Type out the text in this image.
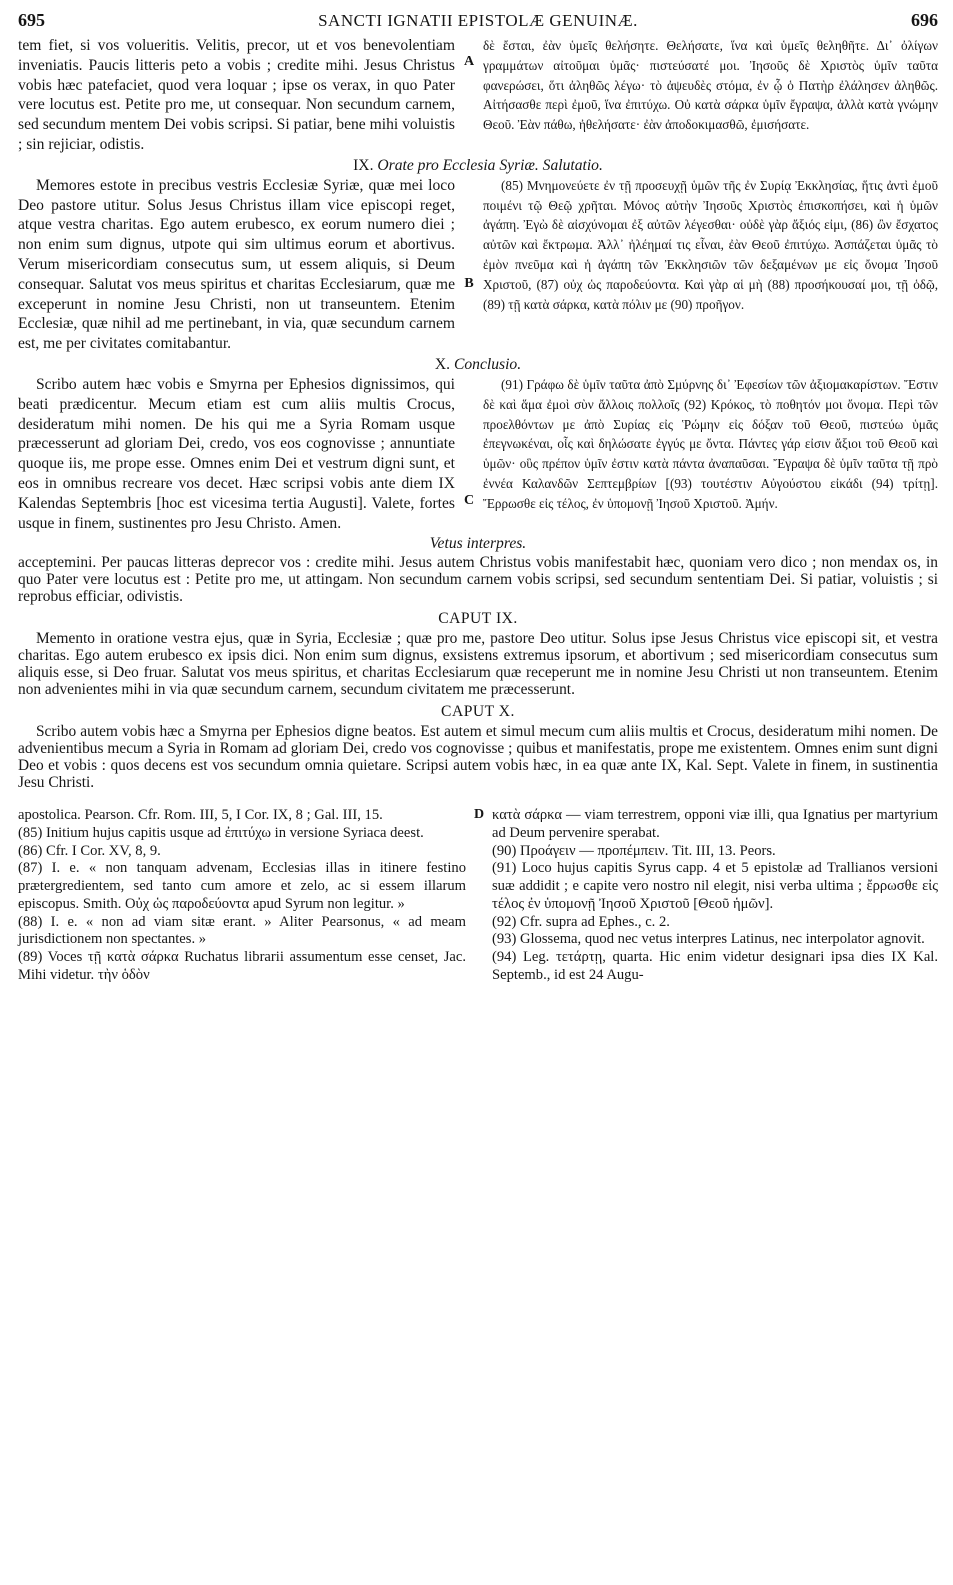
695	SANCTI IGNATII EPISTOLÆ GENUINÆ.	696

tem fiet, si vos volueritis. Velitis, precor, ut et vos benevolentiam inveniatis. Paucis litteris peto a vobis ; credite mihi. Jesus Christus vobis hæc patefaciet, quod vera loquar ; ipse os verax, in quo Pater vere locutus est. Petite pro me, ut consequar. Non secundum carnem, sed secundum mentem Dei vobis scripsi. Si patiar, bene mihi voluistis ; sin rejiciar, odistis.

A

δὲ ἔσται, ἐὰν ὑμεῖς θελήσητε. Θελήσατε, ἵνα καὶ ὑμεῖς θεληθῆτε. Δι᾽ ὀλίγων γραμμάτων αἰτοῦμαι ὑμᾶς· πιστεύσατέ μοι. Ἰησοῦς δὲ Χριστὸς ὑμῖν ταῦτα φανερώσει, ὅτι ἀληθῶς λέγω· τὸ ἀψευδὲς στόμα, ἐν ᾧ ὁ Πατὴρ ἐλάλησεν ἀληθῶς. Αἰτήσασθε περὶ ἐμοῦ, ἵνα ἐπιτύχω. Οὐ κατὰ σάρκα ὑμῖν ἔγραψα, ἀλλὰ κατὰ γνώμην Θεοῦ. Ἐὰν πάθω, ἠθελήσατε· ἐὰν ἀποδοκιμασθῶ, ἐμισήσατε.

IX. Orate pro Ecclesia Syriæ. Salutatio.

Memores estote in precibus vestris Ecclesiæ Syriæ, quæ mei loco Deo pastore utitur. Solus Jesus Christus illam vice episcopi reget, atque vestra charitas. Ego autem erubesco, ex eorum numero diei ; non enim sum dignus, utpote qui sim ultimus eorum et abortivus. Verum misericordiam consecutus sum, ut essem aliquis, si Deum consequar. Salutat vos meus spiritus et charitas Ecclesiarum, quæ me exceperunt in nomine Jesu Christi, non ut transeuntem. Etenim Ecclesiæ, quæ nihil ad me pertinebant, in via, quæ secundum carnem est, me per civitates comitabantur.

B

(85) Μνημονεύετε ἐν τῇ προσευχῇ ὑμῶν τῆς ἐν Συρίᾳ Ἐκκλησίας, ἥτις ἀντὶ ἐμοῦ ποιμένι τῷ Θεῷ χρῆται. Μόνος αὐτὴν Ἰησοῦς Χριστὸς ἐπισκοπήσει, καὶ ἡ ὑμῶν ἀγάπη. Ἐγὼ δὲ αἰσχύνομαι ἐξ αὐτῶν λέγεσθαι· οὐδὲ γὰρ ἄξιός εἰμι, (86) ὢν ἔσχατος αὐτῶν καὶ ἔκτρωμα. Ἀλλ᾽ ἠλέημαί τις εἶναι, ἐὰν Θεοῦ ἐπιτύχω. Ἀσπάζεται ὑμᾶς τὸ ἐμὸν πνεῦμα καὶ ἡ ἀγάπη τῶν Ἐκκλησιῶν τῶν δεξαμένων με εἰς ὄνομα Ἰησοῦ Χριστοῦ, (87) οὐχ ὡς παροδεύοντα. Καὶ γὰρ αἱ μὴ (88) προσήκουσαί μοι, τῇ ὁδῷ, (89) τῇ κατὰ σάρκα, κατὰ πόλιν με (90) προῆγον.

X. Conclusio.

Scribo autem hæc vobis e Smyrna per Ephesios dignissimos, qui beati prædicentur. Mecum etiam est cum aliis multis Crocus, desideratum mihi nomen. De his qui me a Syria Romam usque præcesserunt ad gloriam Dei, credo, vos eos cognovisse ; annuntiate quoque iis, me prope esse. Omnes enim Dei et vestrum digni sunt, et eos in omnibus recreare vos decet. Hæc scripsi vobis ante diem IX Kalendas Septembris [hoc est vicesima tertia Augusti]. Valete, fortes usque in finem, sustinentes pro Jesu Christo. Amen.

C

(91) Γράφω δὲ ὑμῖν ταῦτα ἀπὸ Σμύρνης δι᾽ Ἐφεσίων τῶν ἀξιομακαρίστων. Ἔστιν δὲ καὶ ἅμα ἐμοὶ σὺν ἄλλοις πολλοῖς (92) Κρόκος, τὸ ποθητόν μοι ὄνομα. Περὶ τῶν προελθόντων με ἀπὸ Συρίας εἰς Ῥώμην εἰς δόξαν τοῦ Θεοῦ, πιστεύω ὑμᾶς ἐπεγνωκέναι, οἷς καὶ δηλώσατε ἐγγύς με ὄντα. Πάντες γάρ εἰσιν ἄξιοι τοῦ Θεοῦ καὶ ὑμῶν· οὓς πρέπον ὑμῖν ἐστιν κατὰ πάντα ἀναπαῦσαι. Ἔγραψα δὲ ὑμῖν ταῦτα τῇ πρὸ ἐννέα Καλανδῶν Σεπτεμβρίων [(93) τουτέστιν Αὐγούστου εἰκάδι (94) τρίτῃ]. Ἔρρωσθε εἰς τέλος, ἐν ὑπομονῇ Ἰησοῦ Χριστοῦ. Ἀμήν.

Vetus interpres.

acceptemini. Per paucas litteras deprecor vos : credite mihi. Jesus autem Christus vobis manifestabit hæc, quoniam vero dico ; non mendax os, in quo Pater vere locutus est : Petite pro me, ut attingam. Non secundum carnem vobis scripsi, sed secundum sententiam Dei. Si patiar, voluistis ; si reprobus efficiar, odivistis.

CAPUT IX.

Memento in oratione vestra ejus, quæ in Syria, Ecclesiæ ; quæ pro me, pastore Deo utitur. Solus ipse Jesus Christus vice episcopi sit, et vestra charitas. Ego autem erubesco ex ipsis dici. Non enim sum dignus, exsistens extremus ipsorum, et abortivum ; sed misericordiam consecutus sum aliquis esse, si Deo fruar. Salutat vos meus spiritus, et charitas Ecclesiarum quæ receperunt me in nomine Jesu Christi ut non transeuntem. Etenim non advenientes mihi in via quæ secundum carnem, secundum civitatem me præcesserunt.

CAPUT X.

Scribo autem vobis hæc a Smyrna per Ephesios digne beatos. Est autem et simul mecum cum aliis multis et Crocus, desideratum mihi nomen. De advenientibus mecum a Syria in Romam ad gloriam Dei, credo vos cognovisse ; quibus et manifestatis, prope me existentem. Omnes enim sunt digni Deo et vobis : quos decens est vos secundum omnia quietare. Scripsi autem vobis hæc, in ea quæ ante IX, Kal. Sept. Valete in finem, in sustinentia Jesu Christi.

apostolica. Pearson. Cfr. Rom. III, 5, I Cor. IX, 8 ; Gal. III, 15.

(85) Initium hujus capitis usque ad ἐπιτύχω in versione Syriaca deest.

(86) Cfr. I Cor. XV, 8, 9.

(87) I. e. « non tanquam advenam, Ecclesias illas in itinere festino prætergredientem, sed tanto cum amore et zelo, ac si essem illarum episcopus. Smith. Οὐχ ὡς παροδεύοντα apud Syrum non legitur. »

(88) I. e. « non ad viam sitæ erant. » Aliter Pearsonus, « ad meam jurisdictionem non spectantes. »

(89) Voces τῇ κατὰ σάρκα Ruchatus librarii assumentum esse censet, Jac. Mihi videtur. τὴν ὁδὸν

D κατὰ σάρκα — viam terrestrem, opponi viæ illi, qua Ignatius per martyrium ad Deum pervenire sperabat.

(90) Προάγειν — προπέμπειν. Tit. III, 13. Peors.

(91) Loco hujus capitis Syrus capp. 4 et 5 epistolæ ad Trallianos versioni suæ addidit ; e capite vero nostro nil elegit, nisi verba ultima ; ἔρρωσθε εἰς τέλος ἐν ὑπομονῇ Ἰησοῦ Χριστοῦ [Θεοῦ ἡμῶν].

(92) Cfr. supra ad Ephes., c. 2.

(93) Glossema, quod nec vetus interpres Latinus, nec interpolator agnovit.

(94) Leg. τετάρτῃ, quarta. Hic enim videtur designari ipsa dies IX Kal. Septemb., id est 24 Augu-
